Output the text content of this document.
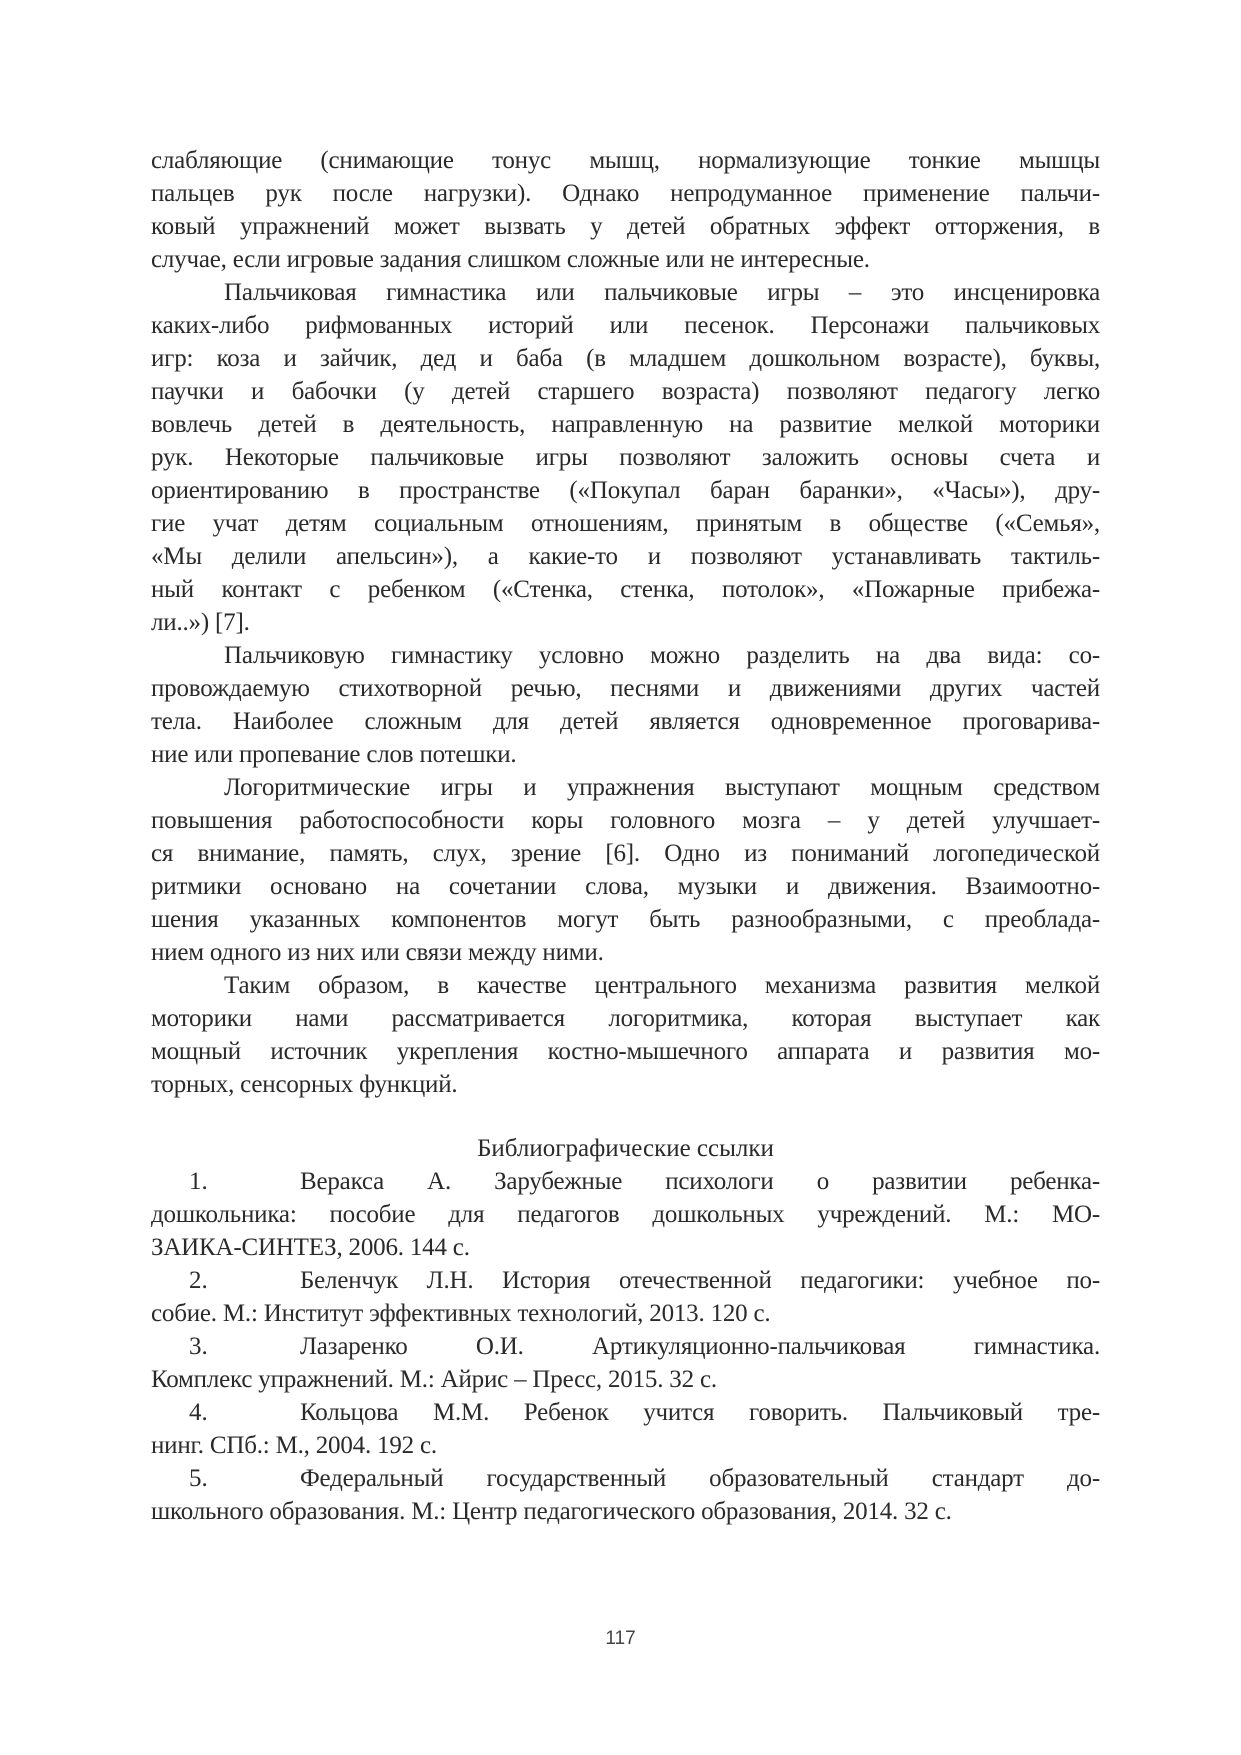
слабляющие (снимающие тонус мышц, нормализующие тонкие мышцы
пальцев рук после нагрузки). Однако непродуманное применение пальчи-
ковый упражнений может вызвать у детей обратных эффект отторжения, в
случае, если игровые задания слишком сложные или не интересные.
Пальчиковая гимнастика или пальчиковые игры – это инсценировка
каких-либо рифмованных историй или песенок. Персонажи пальчиковых
игр: коза и зайчик, дед и баба (в младшем дошкольном возрасте), буквы,
паучки и бабочки (у детей старшего возраста) позволяют педагогу легко
вовлечь детей в деятельность, направленную на развитие мелкой моторики
рук. Некоторые пальчиковые игры позволяют заложить основы счета и
ориентированию в пространстве («Покупал баран баранки», «Часы»), дру-
гие учат детям социальным отношениям, принятым в обществе («Семья»,
«Мы делили апельсин»), а какие-то и позволяют устанавливать тактиль-
ный контакт с ребенком («Стенка, стенка, потолок», «Пожарные прибежа-
ли..») [7].
Пальчиковую гимнастику условно можно разделить на два вида: со-
провождаемую стихотворной речью, песнями и движениями других частей
тела. Наиболее сложным для детей является одновременное проговарива-
ние или пропевание слов потешки.
Логоритмические игры и упражнения выступают мощным средством
повышения работоспособности коры головного мозга – у детей улучшает-
ся внимание, память, слух, зрение [6]. Одно из пониманий логопедической
ритмики основано на сочетании слова, музыки и движения. Взаимоотно-
шения указанных компонентов могут быть разнообразными, с преоблада-
нием одного из них или связи между ними.
Таким образом, в качестве центрального механизма развития мелкой
моторики нами рассматривается логоритмика, которая выступает как
мощный источник укрепления костно-мышечного аппарата и развития мо-
торных, сенсорных функций.
Библиографические ссылки
1.	Веракса А. Зарубежные психологи о развитии ребенка-
дошкольника: пособие для педагогов дошкольных учреждений. М.: МО-
ЗАИКА-СИНТЕЗ, 2006. 144 с.
2.	Беленчук Л.Н. История отечественной педагогики: учебное по-
собие. М.: Институт эффективных технологий, 2013. 120 с.
3.	Лазаренко О.И. Артикуляционно-пальчиковая гимнастика.
Комплекс упражнений. М.: Айрис – Пресс, 2015. 32 с.
4.	Кольцова М.М. Ребенок учится говорить. Пальчиковый тре-
нинг. СПб.: М., 2004. 192 с.
5.	Федеральный государственный образовательный стандарт до-
школьного образования. М.: Центр педагогического образования, 2014. 32 с.
117
